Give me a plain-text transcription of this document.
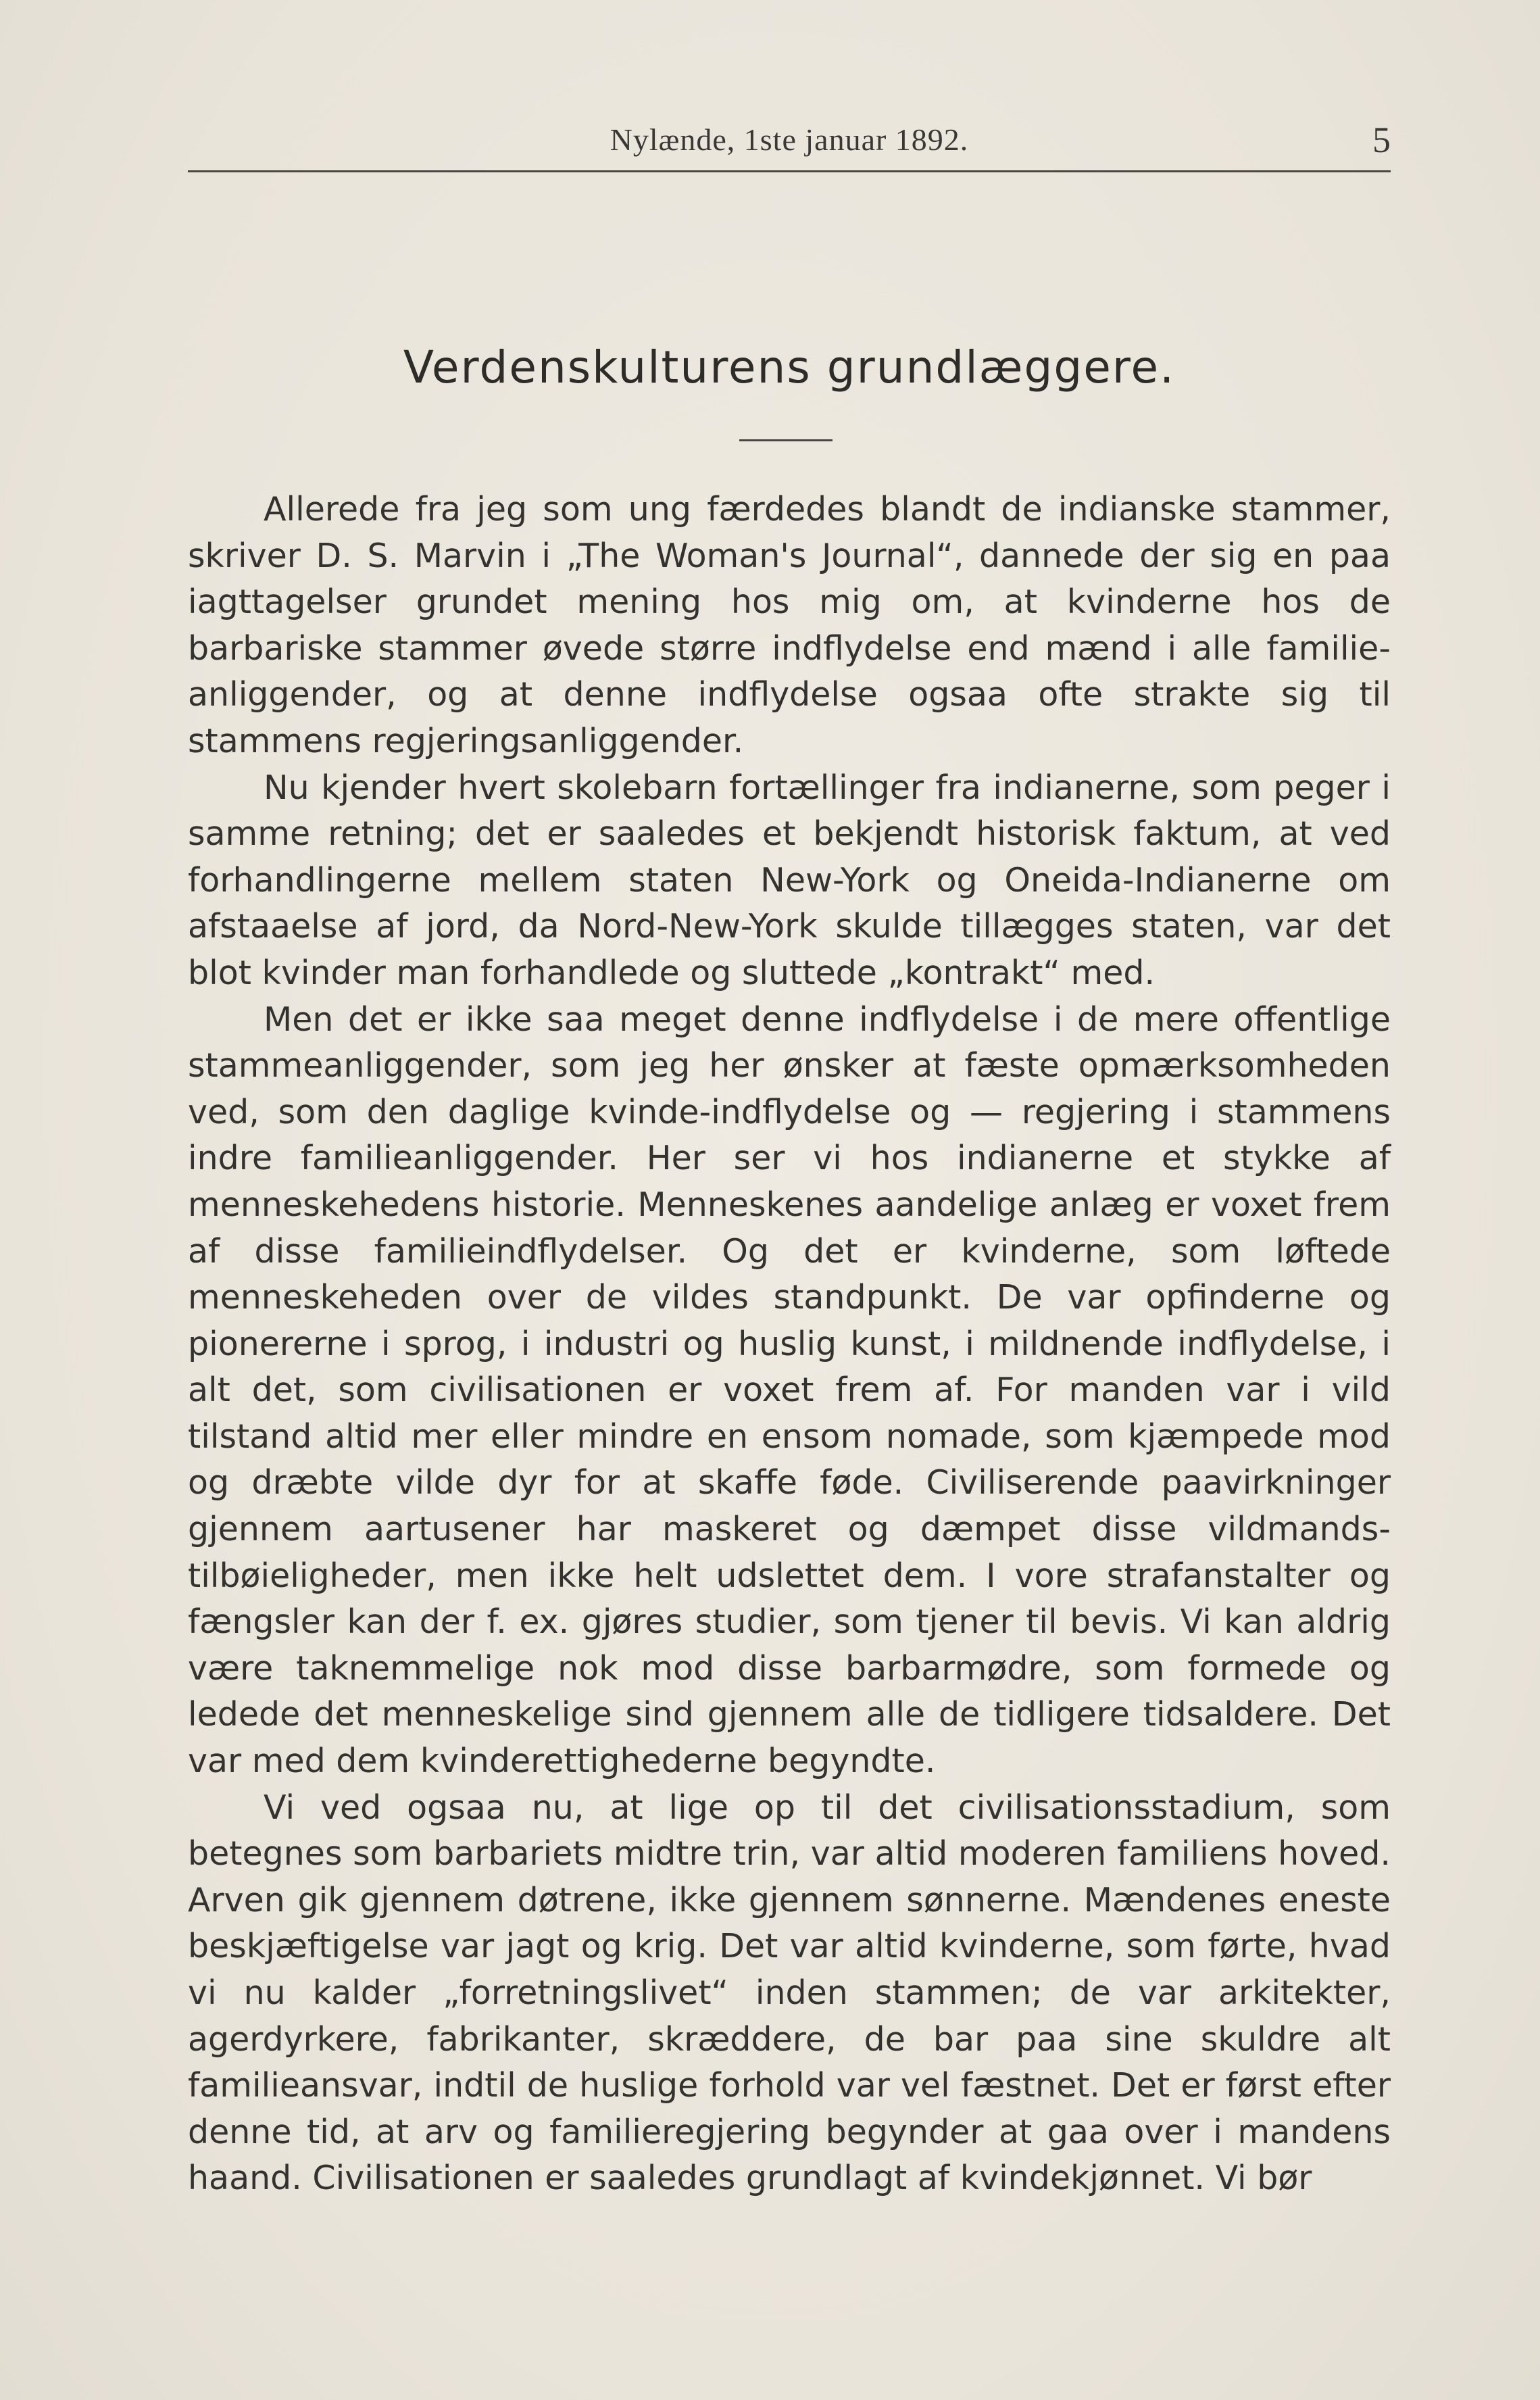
Nylænde, 1ste januar 1892.	5
Verdenskulturens grundlæggere.

Allerede fra jeg som ung færdedes blandt de indianske stammer, skriver D. S. Marvin i „The Woman's Journal“, dannede der sig en paa iagttagelser grundet mening hos mig om, at kvinderne hos de barbariske stammer øvede større indflydelse end mænd i alle familie-anliggender, og at denne indflydelse ogsaa ofte strakte sig til stammens regjeringsanliggender.

Nu kjender hvert skolebarn fortællinger fra indianerne, som peger i samme retning; det er saaledes et bekjendt historisk faktum, at ved forhandlingerne mellem staten New-York og Oneida-Indianerne om afstaaelse af jord, da Nord-New-York skulde tillægges staten, var det blot kvinder man forhandlede og sluttede „kontrakt“ med.

Men det er ikke saa meget denne indflydelse i de mere offentlige stammeanliggender, som jeg her ønsker at fæste opmærksomheden ved, som den daglige kvinde-indflydelse og — regjering i stammens indre familieanliggender. Her ser vi hos indianerne et stykke af menneskehedens historie. Menneskenes aandelige anlæg er voxet frem af disse familieindflydelser. Og det er kvinderne, som løftede menneskeheden over de vildes standpunkt. De var opfinderne og pionererne i sprog, i industri og huslig kunst, i mildnende indflydelse, i alt det, som civilisationen er voxet frem af. For manden var i vild tilstand altid mer eller mindre en ensom nomade, som kjæmpede mod og dræbte vilde dyr for at skaffe føde. Civiliserende paavirkninger gjennem aartusener har maskeret og dæmpet disse vildmands-tilbøieligheder, men ikke helt udslettet dem. I vore strafanstalter og fængsler kan der f. ex. gjøres studier, som tjener til bevis. Vi kan aldrig være taknemmelige nok mod disse barbarmødre, som formede og ledede det menneskelige sind gjennem alle de tidligere tidsaldere. Det var med dem kvinderettighederne begyndte.

Vi ved ogsaa nu, at lige op til det civilisationsstadium, som betegnes som barbariets midtre trin, var altid moderen familiens hoved. Arven gik gjennem døtrene, ikke gjennem sønnerne. Mændenes eneste beskjæftigelse var jagt og krig. Det var altid kvinderne, som førte, hvad vi nu kalder „forretningslivet“ inden stammen; de var arkitekter, agerdyrkere, fabrikanter, skræddere, de bar paa sine skuldre alt familieansvar, indtil de huslige forhold var vel fæstnet. Det er først efter denne tid, at arv og familieregjering begynder at gaa over i mandens haand. Civilisationen er saaledes grundlagt af kvindekjønnet. Vi bør
